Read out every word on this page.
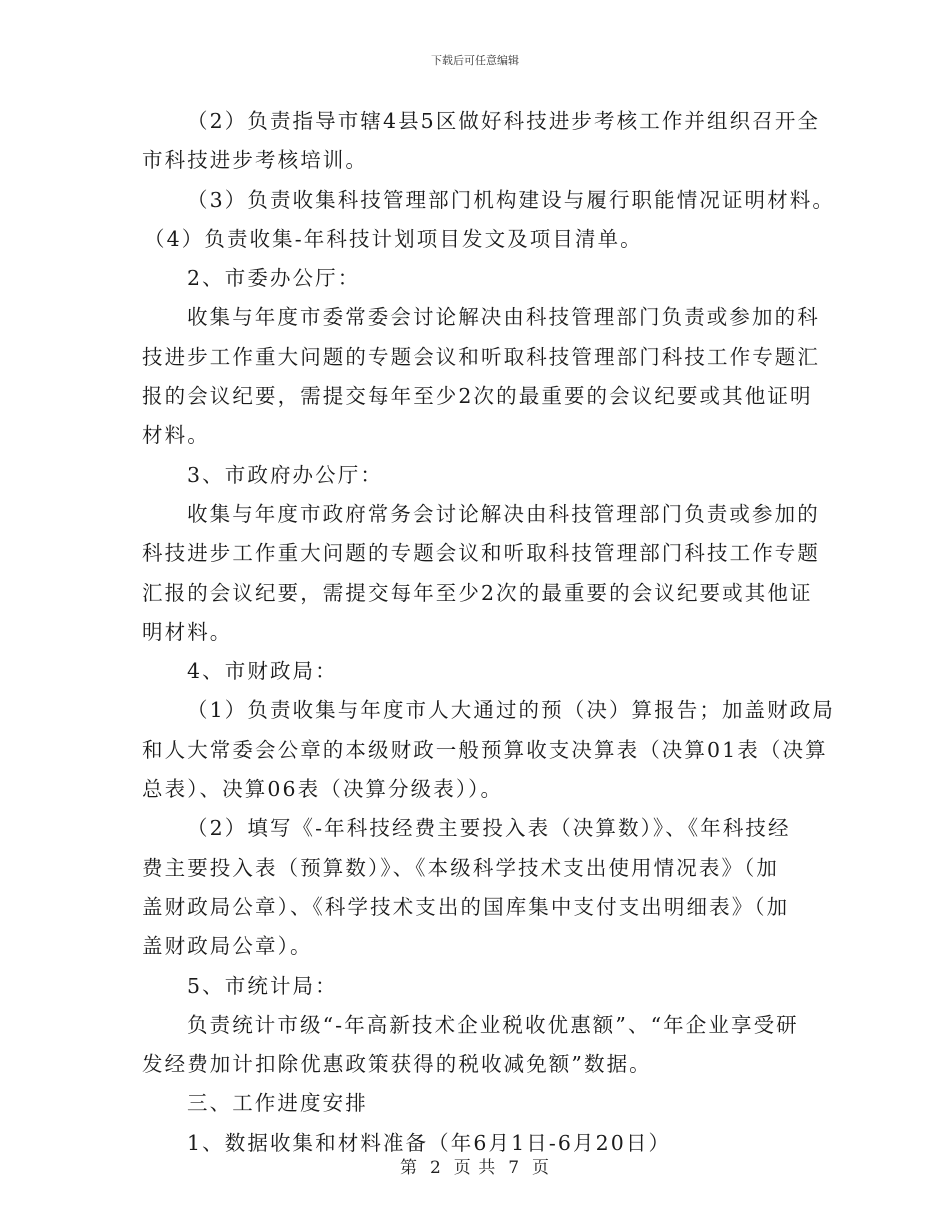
下载后可任意编辑
（2）负责指导市辖4县5区做好科技进步考核工作并组织召开全
市科技进步考核培训。
（3）负责收集科技管理部门机构建设与履行职能情况证明材料。
（4）负责收集-年科技计划项目发文及项目清单。
2、市委办公厅：
收集与年度市委常委会讨论解决由科技管理部门负责或参加的科
技进步工作重大问题的专题会议和听取科技管理部门科技工作专题汇
报的会议纪要，需提交每年至少2次的最重要的会议纪要或其他证明
材料。
3、市政府办公厅：
收集与年度市政府常务会讨论解决由科技管理部门负责或参加的
科技进步工作重大问题的专题会议和听取科技管理部门科技工作专题
汇报的会议纪要，需提交每年至少2次的最重要的会议纪要或其他证
明材料。
4、市财政局：
（1）负责收集与年度市人大通过的预（决）算报告；加盖财政局
和人大常委会公章的本级财政一般预算收支决算表（决算01表（决算
总表）、决算06表（决算分级表））。
（2）填写《-年科技经费主要投入表（决算数）》、《年科技经
费主要投入表（预算数）》、《本级科学技术支出使用情况表》（加
盖财政局公章）、《科学技术支出的国库集中支付支出明细表》（加
盖财政局公章）。
5、市统计局：
负责统计市级“-年高新技术企业税收优惠额”、“年企业享受研
发经费加计扣除优惠政策获得的税收减免额”数据。
三、工作进度安排
1、数据收集和材料准备（年6月1日-6月20日）
第 2 页 共 7 页
